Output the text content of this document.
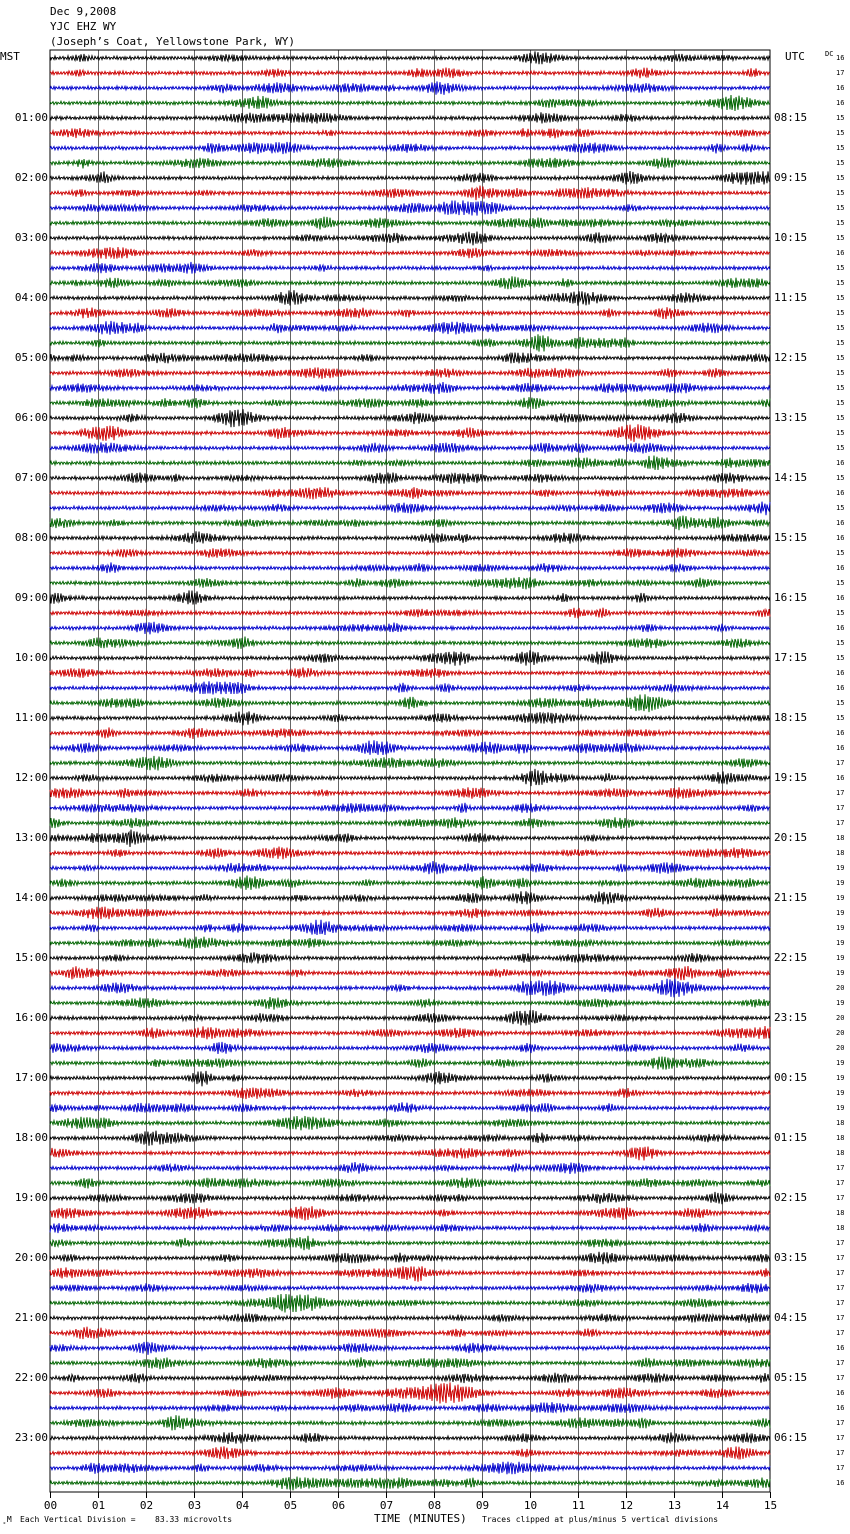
Dec 9,2008
YJC EHZ WY
(Joseph’s Coat, Yellowstone Park, WY)
MST	UTC	DC
00	01	02	03	04	05	06	07	08	09	10	11	12	13	14	15
01:00
02:00
03:00
04:00
05:00
06:00
07:00
08:00
09:00
10:00
11:00
12:00
13:00
14:00
15:00
16:00
17:00
18:00
19:00
20:00
21:00
22:00
23:00
08:15
09:15
10:15
11:15
12:15
13:15
14:15
15:15
16:15
17:15
18:15
19:15
20:15
21:15
22:15
23:15
00:15
01:15
02:15
03:15
04:15
05:15
06:15
16
17
16
16
15
15
15
15
15
15
15
15
15
16
15
15
15
15
15
15
15
15
15
15
15
15
15
16
15
16
15
16
16
15
16
15
16
15
16
15
15
16
16
15
15
16
16
17
16
17
17
17
18
18
19
19
19
19
19
19
19
19
20
19
20
20
20
19
19
19
19
18
18
18
17
17
17
18
18
17
17
17
17
17
17
17
16
17
17
16
16
17
17
17
17
16
˳M Each Vertical Division = 83.33 microvolts	TIME (MINUTES) Traces clipped at plus/minus 5 vertical divisions
